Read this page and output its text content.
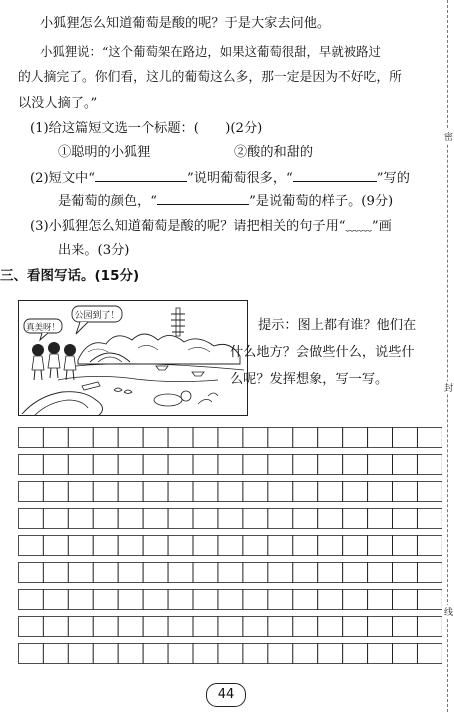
密
封
线
小狐狸怎么知道葡萄是酸的呢？于是大家去问他。
小狐狸说：“这个葡萄架在路边，如果这葡萄很甜，早就被路过
的人摘完了。你们看，这儿的葡萄这么多，那一定是因为不好吃，所
以没人摘了。”
(1)给这篇短文选一个标题：(　　)(2分)
①聪明的小狐狸	②酸的和甜的
(2)短文中“	”说明葡萄很多，“	”写的
是葡萄的颜色，“	”是说葡萄的样子。(9分)
(3)小狐狸怎么知道葡萄是酸的呢？请把相关的句子用“﹏﹏”画
出来。(3分)
三、看图写话。(15分)
真美呀！
公园到了！
提示：图上都有谁？他们在
什么地方？会做些什么，说些什
么呢？发挥想象，写一写。
44
